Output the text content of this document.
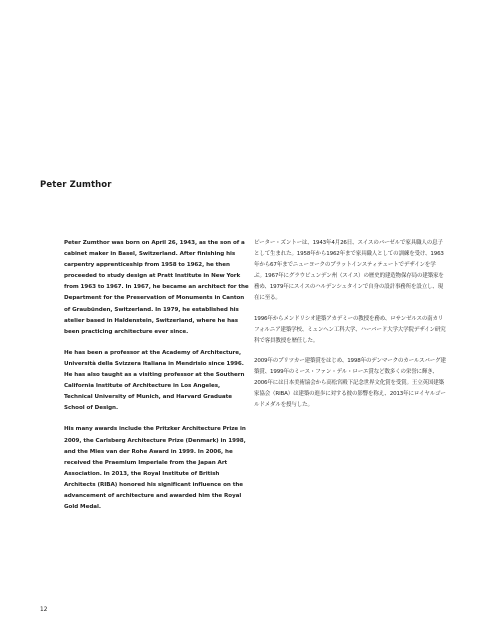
Peter Zumthor

Peter Zumthor was born on April 26, 1943, as the son of a cabinet maker in Basel, Switzerland. After finishing his carpentry apprenticeship from 1958 to 1962, he then proceeded to study design at Pratt Institute in New York from 1963 to 1967. In 1967, he became an architect for the Department for the Preservation of Monuments in Canton of Graubünden, Switzerland. In 1979, he established his atelier based in Haldenstein, Switzerland, where he has been practicing architecture ever since.

He has been a professor at the Academy of Architecture, Università della Svizzera Italiana in Mendrisio since 1996. He has also taught as a visiting professor at the Southern California Institute of Architecture in Los Angeles, Technical University of Munich, and Harvard Graduate School of Design.

His many awards include the Pritzker Architecture Prize in 2009, the Carlsberg Architecture Prize (Denmark) in 1998, and the Mies van der Rohe Award in 1999. In 2006, he received the Praemium Imperiale from the Japan Art Association. In 2013, the Royal Institute of British Architects (RIBA) honored his significant influence on the advancement of architecture and awarded him the Royal Gold Medal.

ピーター・ズントーは、1943年4月26日、スイスのバーゼルで家具職人の息子として生まれた。1958年から1962年まで家具職人としての訓練を受け、1963年から67年までニューヨークのプラットインスティテュートでデザインを学ぶ。1967年にグラウビュンデン州（スイス）の歴史的建造物保存局の建築家を務め、1979年にスイスのハルデンシュタインで自身の設計事務所を設立し、現在に至る。

1996年からメンドリシオ建築アカデミーの教授を務め、ロサンゼルスの南カリフォルニア建築学校、ミュンヘン工科大学、ハーバード大学大学院デザイン研究科で客員教授を歴任した。

2009年のプリツカー建築賞をはじめ、1998年のデンマークのカールスバーグ建築賞、1999年のミース・ファン・デル・ローエ賞など数多くの栄誉に輝き、2006年には日本美術協会から高松宮殿下記念世界文化賞を受賞。王立英国建築家協会（RIBA）は建築の進歩に対する彼の影響を称え、2013年にロイヤルゴールドメダルを授与した。

12
